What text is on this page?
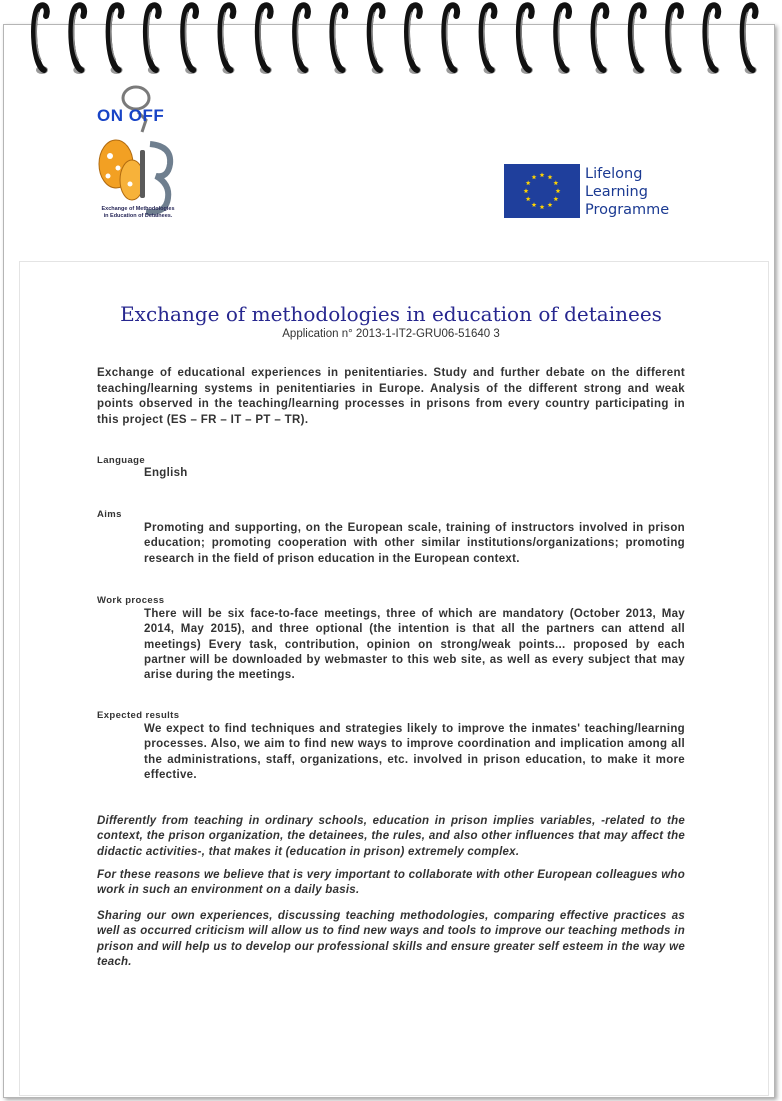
ON OFF
Exchange of Methodologies
in Education of Detainees.
Lifelong
Learning
Programme
Exchange of methodologies in education of detainees
Application n° 2013-1-IT2-GRU06-51640 3
Exchange of educational experiences in penitentiaries. Study and further debate on the different teaching/learning systems in penitentiaries in Europe. Analysis of the different strong and weak points observed in the teaching/learning processes in prisons from every country participating in this project (ES – FR – IT – PT – TR).
Language
English
Aims
Promoting and supporting, on the European scale, training of instructors involved in prison education; promoting cooperation with other similar institutions/organizations; promoting research in the field of prison education in the European context.
Work process
There will be six face-to-face meetings, three of which are mandatory (October 2013, May 2014, May 2015), and three optional (the intention is that all the partners can attend all meetings) Every task, contribution, opinion on strong/weak points... proposed by each partner will be downloaded by webmaster to this web site, as well as every subject that may arise during the meetings.
Expected results
We expect to find techniques and strategies likely to improve the inmates' teaching/learning processes. Also, we aim to find new ways to improve coordination and implication among all the administrations, staff, organizations, etc. involved in prison education, to make it more effective.
Differently from teaching in ordinary schools, education in prison implies variables, -related to the context, the prison organization, the detainees, the rules, and also other influences that may affect the didactic activities-, that makes it (education in prison) extremely complex.
For these reasons we believe that is very important to collaborate with other European colleagues who work in such an environment on a daily basis.
Sharing our own experiences, discussing teaching methodologies, comparing effective practices as well as occurred criticism will allow us to find new ways and tools to improve our teaching methods in prison and will help us to develop our professional skills and ensure greater self esteem in the way we teach.
